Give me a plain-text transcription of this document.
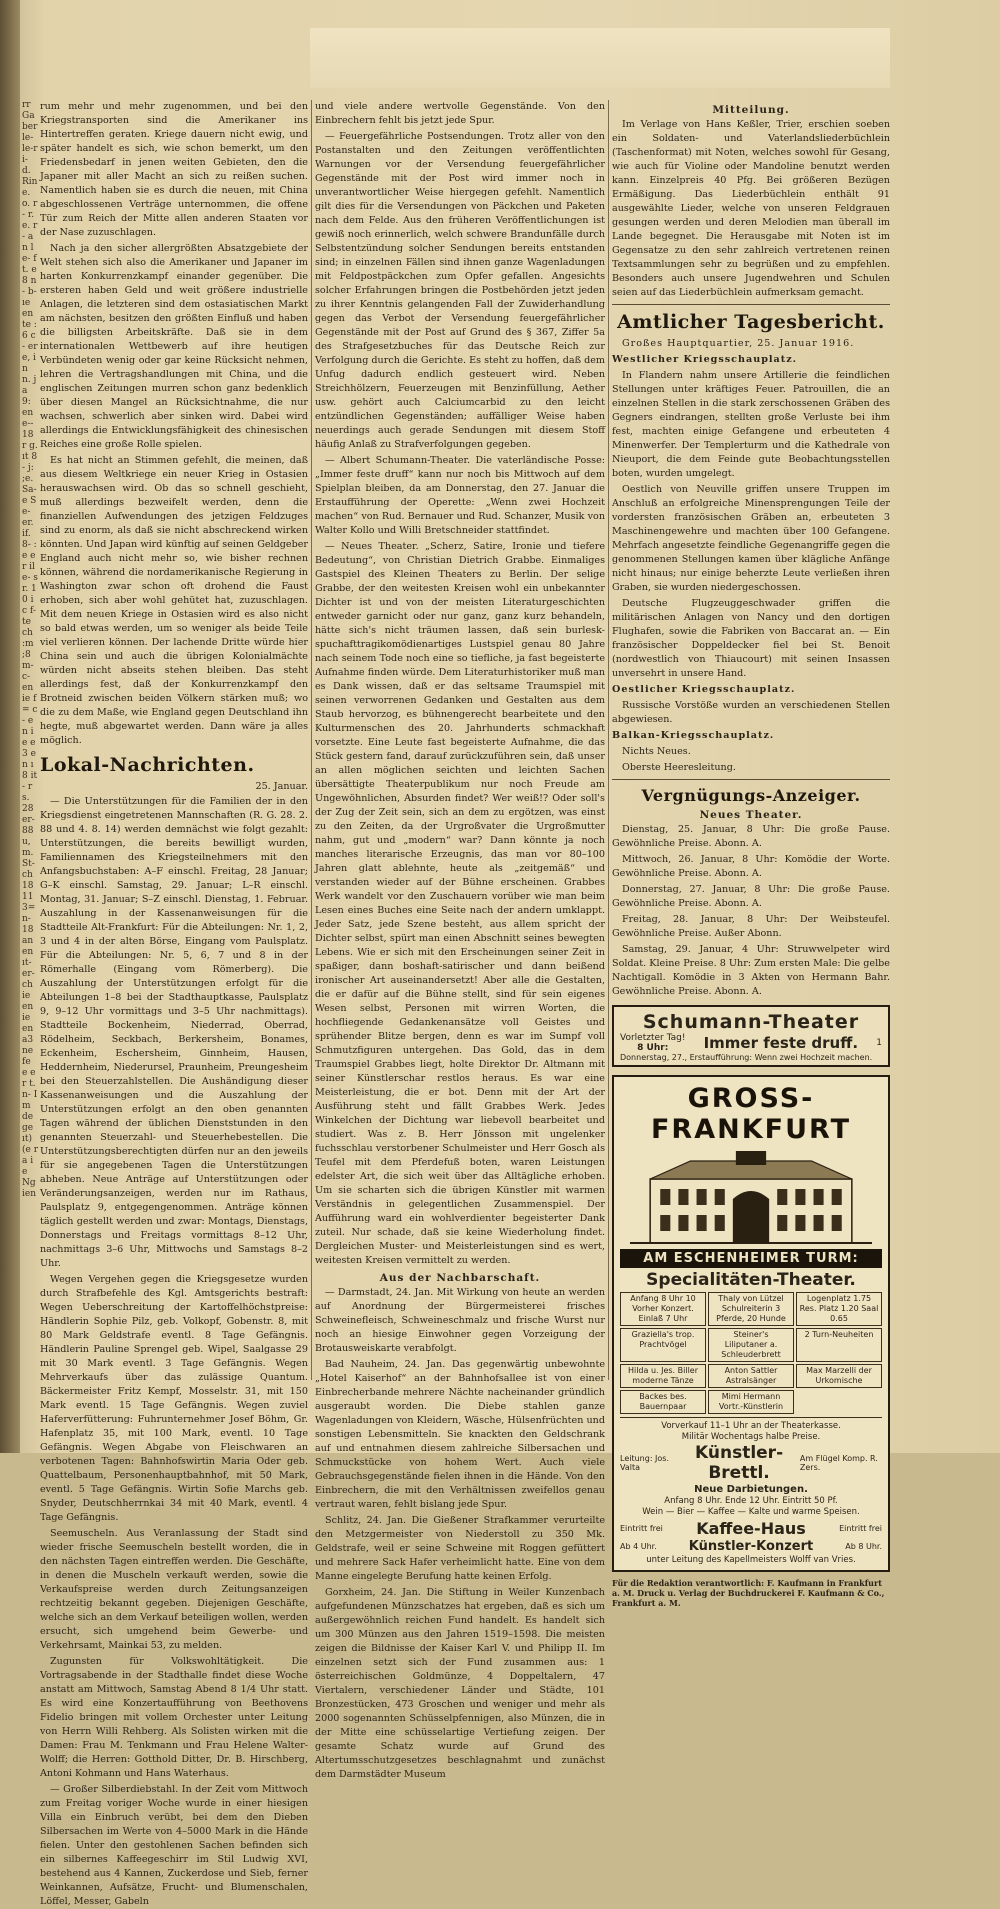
rr Ga ber le- le-ri- d. Rin e. o. r- r. e. r- an le- ft. e8 n- b- ıe en te :6 c- er e, in n. ja 9: en e-- 18 r g. ıt 8- j: ;e. Sa- e Se- er. if. 8- :e er il e- sr. 10 ic f- te ch :m ;8 m- c- en ie f= c- en ie e3 en ı8 it- rs. 28 er- 88 u, m. St- ch 18 11 3= n- 18 an en ıt- er- ch ie en ie en a3 ne fe e er t. n- Im de ge ıt) (e ra ie Ng ien

rum mehr und mehr zugenommen, und bei den Kriegstransporten sind die Amerikaner ins Hintertreffen geraten. Kriege dauern nicht ewig, und später handelt es sich, wie schon bemerkt, um den Friedensbedarf in jenen weiten Gebieten, den die Japaner mit aller Macht an sich zu reißen suchen. Namentlich haben sie es durch die neuen, mit China abgeschlossenen Verträge unternommen, die offene Tür zum Reich der Mitte allen anderen Staaten vor der Nase zuzuschlagen.

Nach ja den sicher allergrößten Absatzgebiete der Welt stehen sich also die Amerikaner und Japaner im harten Konkurrenzkampf einander gegenüber. Die ersteren haben Geld und weit größere industrielle Anlagen, die letzteren sind dem ostasiatischen Markt am nächsten, besitzen den größten Einfluß und haben die billigsten Arbeitskräfte. Daß sie in dem internationalen Wettbewerb auf ihre heutigen Verbündeten wenig oder gar keine Rücksicht nehmen, lehren die Vertragshandlungen mit China, und die englischen Zeitungen murren schon ganz bedenklich über diesen Mangel an Rücksichtnahme, die nur wachsen, schwerlich aber sinken wird. Dabei wird allerdings die Entwicklungsfähigkeit des chinesischen Reiches eine große Rolle spielen.

Es hat nicht an Stimmen gefehlt, die meinen, daß aus diesem Weltkriege ein neuer Krieg in Ostasien herauswachsen wird. Ob das so schnell geschieht, muß allerdings bezweifelt werden, denn die finanziellen Aufwendungen des jetzigen Feldzuges sind zu enorm, als daß sie nicht abschreckend wirken könnten. Und Japan wird künftig auf seinen Geldgeber England auch nicht mehr so, wie bisher rechnen können, während die nordamerikanische Regierung in Washington zwar schon oft drohend die Faust erhoben, sich aber wohl gehütet hat, zuzuschlagen. Mit dem neuen Kriege in Ostasien wird es also nicht so bald etwas werden, um so weniger als beide Teile viel verlieren können. Der lachende Dritte würde hier China sein und auch die übrigen Kolonialmächte würden nicht abseits stehen bleiben. Das steht allerdings fest, daß der Konkurrenzkampf den Brotneid zwischen beiden Völkern stärken muß; wo die zu dem Maße, wie England gegen Deutschland ihn hegte, muß abgewartet werden. Dann wäre ja alles möglich.

Lokal-Nachrichten.
25. Januar.

— Die Unterstützungen für die Familien der in den Kriegsdienst eingetretenen Mannschaften (R. G. 28. 2. 88 und 4. 8. 14) werden demnächst wie folgt gezahlt: Unterstützungen, die bereits bewilligt wurden, Familiennamen des Kriegsteilnehmers mit den Anfangsbuchstaben: A–F einschl. Freitag, 28 Januar; G–K einschl. Samstag, 29. Januar; L–R einschl. Montag, 31. Januar; S–Z einschl. Dienstag, 1. Februar. Auszahlung in der Kassenanweisungen für die Stadtteile Alt-Frankfurt: Für die Abteilungen: Nr. 1, 2, 3 und 4 in der alten Börse, Eingang vom Paulsplatz. Für die Abteilungen: Nr. 5, 6, 7 und 8 in der Römerhalle (Eingang vom Römerberg). Die Auszahlung der Unterstützungen erfolgt für die Abteilungen 1–8 bei der Stadthauptkasse, Paulsplatz 9, 9–12 Uhr vormittags und 3–5 Uhr nachmittags). Stadtteile Bockenheim, Niederrad, Oberrad, Rödelheim, Seckbach, Berkersheim, Bonames, Eckenheim, Eschersheim, Ginnheim, Hausen, Heddernheim, Niederursel, Praunheim, Preungesheim bei den Steuerzahlstellen. Die Aushändigung dieser Kassenanweisungen und die Auszahlung der Unterstützungen erfolgt an den oben genannten Tagen während der üblichen Dienststunden in den genannten Steuerzahl- und Steuerhebestellen. Die Unterstützungsberechtigten dürfen nur an den jeweils für sie angegebenen Tagen die Unterstützungen abheben. Neue Anträge auf Unterstützungen oder Veränderungsanzeigen, werden nur im Rathaus, Paulsplatz 9, entgegengenommen. Anträge können täglich gestellt werden und zwar: Montags, Dienstags, Donnerstags und Freitags vormittags 8–12 Uhr, nachmittags 3–6 Uhr, Mittwochs und Samstags 8–2 Uhr.

Wegen Vergehen gegen die Kriegsgesetze wurden durch Strafbefehle des Kgl. Amtsgerichts bestraft: Wegen Ueberschreitung der Kartoffelhöchstpreise: Händlerin Sophie Pilz, geb. Volkopf, Gobenstr. 8, mit 80 Mark Geldstrafe eventl. 8 Tage Gefängnis. Händlerin Pauline Sprengel geb. Wipel, Saalgasse 29 mit 30 Mark eventl. 3 Tage Gefängnis. Wegen Mehrverkaufs über das zulässige Quantum. Bäckermeister Fritz Kempf, Mosselstr. 31, mit 150 Mark eventl. 15 Tage Gefängnis. Wegen zuviel Haferverfütterung: Fuhrunternehmer Josef Böhm, Gr. Hafenplatz 35, mit 100 Mark, eventl. 10 Tage Gefängnis. Wegen Abgabe von Fleischwaren an verbotenen Tagen: Bahnhofswirtin Maria Oder geb. Quattelbaum, Personenhauptbahnhof, mit 50 Mark, eventl. 5 Tage Gefängnis. Wirtin Sofie Marchs geb. Snyder, Deutschherrnkai 34 mit 40 Mark, eventl. 4 Tage Gefängnis.

Seemuscheln. Aus Veranlassung der Stadt sind wieder frische Seemuscheln bestellt worden, die in den nächsten Tagen eintreffen werden. Die Geschäfte, in denen die Muscheln verkauft werden, sowie die Verkaufspreise werden durch Zeitungsanzeigen rechtzeitig bekannt gegeben. Diejenigen Geschäfte, welche sich an dem Verkauf beteiligen wollen, werden ersucht, sich umgehend beim Gewerbe- und Verkehrsamt, Mainkai 53, zu melden.

Zugunsten für Volkswohltätigkeit. Die Vortragsabende in der Stadthalle findet diese Woche anstatt am Mittwoch, Samstag Abend 8 1/4 Uhr statt. Es wird eine Konzertaufführung von Beethovens Fidelio bringen mit vollem Orchester unter Leitung von Herrn Willi Rehberg. Als Solisten wirken mit die Damen: Frau M. Tenkmann und Frau Helene Walter-Wolff; die Herren: Gotthold Ditter, Dr. B. Hirschberg, Antoni Kohmann und Hans Waterhaus.

— Großer Silberdiebstahl. In der Zeit vom Mittwoch zum Freitag voriger Woche wurde in einer hiesigen Villa ein Einbruch verübt, bei dem den Dieben Silbersachen im Werte von 4–5000 Mark in die Hände fielen. Unter den gestohlenen Sachen befinden sich ein silbernes Kaffeegeschirr im Stil Ludwig XVI, bestehend aus 4 Kannen, Zuckerdose und Sieb, ferner Weinkannen, Aufsätze, Frucht- und Blumenschalen, Löffel, Messer, Gabeln

und viele andere wertvolle Gegenstände. Von den Einbrechern fehlt bis jetzt jede Spur.

— Feuergefährliche Postsendungen. Trotz aller von den Postanstalten und den Zeitungen veröffentlichten Warnungen vor der Versendung feuergefährlicher Gegenstände mit der Post wird immer noch in unverantwortlicher Weise hiergegen gefehlt. Namentlich gilt dies für die Versendungen von Päckchen und Paketen nach dem Felde. Aus den früheren Veröffentlichungen ist gewiß noch erinnerlich, welch schwere Brandunfälle durch Selbstentzündung solcher Sendungen bereits entstanden sind; in einzelnen Fällen sind ihnen ganze Wagenladungen mit Feldpostpäckchen zum Opfer gefallen. Angesichts solcher Erfahrungen bringen die Postbehörden jetzt jeden zu ihrer Kenntnis gelangenden Fall der Zuwiderhandlung gegen das Verbot der Versendung feuergefährlicher Gegenstände mit der Post auf Grund des § 367, Ziffer 5a des Strafgesetzbuches für das Deutsche Reich zur Verfolgung durch die Gerichte. Es steht zu hoffen, daß dem Unfug dadurch endlich gesteuert wird. Neben Streichhölzern, Feuerzeugen mit Benzinfüllung, Aether usw. gehört auch Calciumcarbid zu den leicht entzündlichen Gegenständen; auffälliger Weise haben neuerdings auch gerade Sendungen mit diesem Stoff häufig Anlaß zu Strafverfolgungen gegeben.

— Albert Schumann-Theater. Die vaterländische Posse: „Immer feste druff“ kann nur noch bis Mittwoch auf dem Spielplan bleiben, da am Donnerstag, den 27. Januar die Erstaufführung der Operette: „Wenn zwei Hochzeit machen“ von Rud. Bernauer und Rud. Schanzer, Musik von Walter Kollo und Willi Bretschneider stattfindet.

— Neues Theater. „Scherz, Satire, Ironie und tiefere Bedeutung“, von Christian Dietrich Grabbe. Einmaliges Gastspiel des Kleinen Theaters zu Berlin. Der selige Grabbe, der den weitesten Kreisen wohl ein unbekannter Dichter ist und von der meisten Literaturgeschichten entweder garnicht oder nur ganz, ganz kurz behandeln, hätte sich's nicht träumen lassen, daß sein burlesk-spuchafttragikomödienartiges Lustspiel genau 80 Jahre nach seinem Tode noch eine so tiefliche, ja fast begeisterte Aufnahme finden würde. Dem Literaturhistoriker muß man es Dank wissen, daß er das seltsame Traumspiel mit seinen verworrenen Gedanken und Gestalten aus dem Staub hervorzog, es bühnengerecht bearbeitete und den Kulturmenschen des 20. Jahrhunderts schmackhaft vorsetzte. Eine Leute fast begeisterte Aufnahme, die das Stück gestern fand, darauf zurückzuführen sein, daß unser an allen möglichen seichten und leichten Sachen übersättigte Theaterpublikum nur noch Freude am Ungewöhnlichen, Absurden findet? Wer weiß!? Oder soll's der Zug der Zeit sein, sich an dem zu ergötzen, was einst zu den Zeiten, da der Urgroßvater die Urgroßmutter nahm, gut und „modern“ war? Dann könnte ja noch manches literarische Erzeugnis, das man vor 80–100 Jahren glatt ablehnte, heute als „zeitgemäß“ und verstanden wieder auf der Bühne erscheinen. Grabbes Werk wandelt vor den Zuschauern vorüber wie man beim Lesen eines Buches eine Seite nach der andern umklappt. Jeder Satz, jede Szene besteht, aus allem spricht der Dichter selbst, spürt man einen Abschnitt seines bewegten Lebens. Wie er sich mit den Erscheinungen seiner Zeit in spaßiger, dann boshaft-satirischer und dann beißend ironischer Art auseinandersetzt! Aber alle die Gestalten, die er dafür auf die Bühne stellt, sind für sein eigenes Wesen selbst, Personen mit wirren Worten, die hochfliegende Gedankenansätze voll Geistes und sprühender Blitze bergen, denn es war im Sumpf voll Schmutzfiguren untergehen. Das Gold, das in dem Traumspiel Grabbes liegt, holte Direktor Dr. Altmann mit seiner Künstlerschar restlos heraus. Es war eine Meisterleistung, die er bot. Denn mit der Art der Ausführung steht und fällt Grabbes Werk. Jedes Winkelchen der Dichtung war liebevoll bearbeitet und studiert. Was z. B. Herr Jönsson mit ungelenker fuchsschlau verstorbener Schulmeister und Herr Gosch als Teufel mit dem Pferdefuß boten, waren Leistungen edelster Art, die sich weit über das Alltägliche erhoben. Um sie scharten sich die übrigen Künstler mit warmen Verständnis in gelegentlichen Zusammenspiel. Der Aufführung ward ein wohlverdienter begeisterter Dank zuteil. Nur schade, daß sie keine Wiederholung findet. Dergleichen Muster- und Meisterleistungen sind es wert, weitesten Kreisen vermittelt zu werden.

Aus der Nachbarschaft.

— Darmstadt, 24. Jan. Mit Wirkung von heute an werden auf Anordnung der Bürgermeisterei frisches Schweinefleisch, Schweineschmalz und frische Wurst nur noch an hiesige Einwohner gegen Vorzeigung der Brotausweiskarte verabfolgt.

Bad Nauheim, 24. Jan. Das gegenwärtig unbewohnte „Hotel Kaiserhof“ an der Bahnhofsallee ist von einer Einbrecherbande mehrere Nächte nacheinander gründlich ausgeraubt worden. Die Diebe stahlen ganze Wagenladungen von Kleidern, Wäsche, Hülsenfrüchten und sonstigen Lebensmitteln. Sie knackten den Geldschrank auf und entnahmen diesem zahlreiche Silbersachen und Schmuckstücke von hohem Wert. Auch viele Gebrauchsgegenstände fielen ihnen in die Hände. Von den Einbrechern, die mit den Verhältnissen zweifellos genau vertraut waren, fehlt bislang jede Spur.

Schlitz, 24. Jan. Die Gießener Strafkammer verurteilte den Metzgermeister von Niederstoll zu 350 Mk. Geldstrafe, weil er seine Schweine mit Roggen gefüttert und mehrere Sack Hafer verheimlicht hatte. Eine von dem Manne eingelegte Berufung hatte keinen Erfolg.

Gorxheim, 24. Jan. Die Stiftung in Weiler Kunzenbach aufgefundenen Münzschatzes hat ergeben, daß es sich um außergewöhnlich reichen Fund handelt. Es handelt sich um 300 Münzen aus den Jahren 1519–1598. Die meisten zeigen die Bildnisse der Kaiser Karl V. und Philipp II. Im einzelnen setzt sich der Fund zusammen aus: 1 österreichischen Goldmünze, 4 Doppeltalern, 47 Viertalern, verschiedener Länder und Städte, 101 Bronzestücken, 473 Groschen und weniger und mehr als 2000 sogenannten Schüsselpfennigen, also Münzen, die in der Mitte eine schüsselartige Vertiefung zeigen. Der gesamte Schatz wurde auf Grund des Altertumsschutzgesetzes beschlagnahmt und zunächst dem Darmstädter Museum

Mitteilung.

Im Verlage von Hans Keßler, Trier, erschien soeben ein Soldaten- und Vaterlandsliederbüchlein (Taschenformat) mit Noten, welches sowohl für Gesang, wie auch für Violine oder Mandoline benutzt werden kann. Einzelpreis 40 Pfg. Bei größeren Bezügen Ermäßigung. Das Liederbüchlein enthält 91 ausgewählte Lieder, welche von unseren Feldgrauen gesungen werden und deren Melodien man überall im Lande begegnet. Die Herausgabe mit Noten ist im Gegensatze zu den sehr zahlreich vertretenen reinen Textsammlungen sehr zu begrüßen und zu empfehlen. Besonders auch unsere Jugendwehren und Schulen seien auf das Liederbüchlein aufmerksam gemacht.

Amtlicher Tagesbericht.

Großes Hauptquartier, 25. Januar 1916.

Westlicher Kriegsschauplatz.

In Flandern nahm unsere Artillerie die feindlichen Stellungen unter kräftiges Feuer. Patrouillen, die an einzelnen Stellen in die stark zerschossenen Gräben des Gegners eindrangen, stellten große Verluste bei ihm fest, machten einige Gefangene und erbeuteten 4 Minenwerfer. Der Templerturm und die Kathedrale von Nieuport, die dem Feinde gute Beobachtungsstellen boten, wurden umgelegt.

Oestlich von Neuville griffen unsere Truppen im Anschluß an erfolgreiche Minensprengungen Teile der vordersten französischen Gräben an, erbeuteten 3 Maschinengewehre und machten über 100 Gefangene. Mehrfach angesetzte feindliche Gegenangriffe gegen die genommenen Stellungen kamen über klägliche Anfänge nicht hinaus; nur einige beherzte Leute verließen ihren Graben, sie wurden niedergeschossen.

Deutsche Flugzeuggeschwader griffen die militärischen Anlagen von Nancy und den dortigen Flughafen, sowie die Fabriken von Baccarat an. — Ein französischer Doppeldecker fiel bei St. Benoit (nordwestlich von Thiaucourt) mit seinen Insassen unversehrt in unsere Hand.

Oestlicher Kriegsschauplatz.

Russische Vorstöße wurden an verschiedenen Stellen abgewiesen.

Balkan-Kriegsschauplatz.

Nichts Neues.

Oberste Heeresleitung.

Vergnügungs-Anzeiger.
Neues Theater.

Dienstag, 25. Januar, 8 Uhr: Die große Pause. Gewöhnliche Preise. Abonn. A.

Mittwoch, 26. Januar, 8 Uhr: Komödie der Worte. Gewöhnliche Preise. Abonn. A.

Donnerstag, 27. Januar, 8 Uhr: Die große Pause. Gewöhnliche Preise. Abonn. A.

Freitag, 28. Januar, 8 Uhr: Der Weibsteufel. Gewöhnliche Preise. Außer Abonn.

Samstag, 29. Januar, 4 Uhr: Struwwelpeter wird Soldat. Kleine Preise. 8 Uhr: Zum ersten Male: Die gelbe Nachtigall. Komödie in 3 Akten von Hermann Bahr. Gewöhnliche Preise. Abonn. A.

Schumann-Theater
Vorletzter Tag!
8 Uhr:	Immer feste druff. 1
Donnerstag, 27., Erstaufführung: Wenn zwei Hochzeit machen.
GROSS-FRANKFURT
AM ESCHENHEIMER TURM:
Specialitäten-Theater.
Anfang 8 Uhr 10 Vorher Konzert. Einlaß 7 Uhr
Thaly von Lützel Schulreiterin 3 Pferde, 20 Hunde
Logenplatz 1.75 Res. Platz 1.20 Saal 0.65
Graziella's trop. Prachtvögel
Steiner's Liliputaner a. Schleuderbrett
2 Turn-Neuheiten
Hilda u. Jes. Biller moderne Tänze
Anton Sattler Astralsänger
Max Marzelli der Urkomische
Backes bes. Bauernpaar
Mimi Hermann Vortr.-Künstlerin
Vorverkauf 11–1 Uhr an der Theaterkasse.
Militär Wochentags halbe Preise.
Leitung: Jos. Valta
Künstler-Brettl.
Am Flügel Komp. R. Zers.
Neue Darbietungen.
Anfang 8 Uhr. Ende 12 Uhr. Eintritt 50 Pf.
Wein — Bier — Kaffee — Kalte und warme Speisen.
Eintritt frei Kaffee-Haus	Eintritt frei
Ab 4 Uhr. Künstler-Konzert	Ab 8 Uhr.
unter Leitung des Kapellmeisters Wolff van Vries.
Für die Redaktion verantwortlich: F. Kaufmann in Frankfurt a. M. Druck u. Verlag der Buchdruckerei F. Kaufmann & Co., Frankfurt a. M.
